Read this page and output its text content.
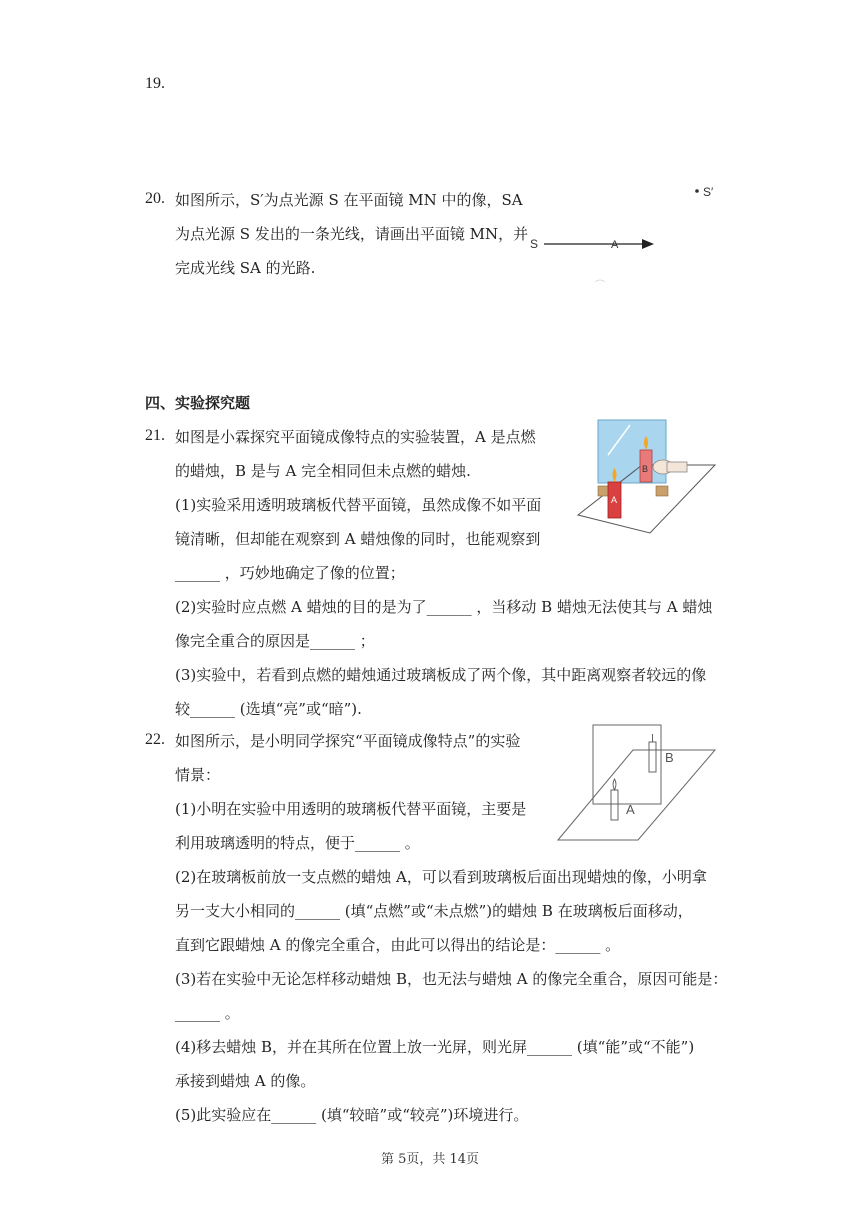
19.
20. 如图所示，S′为点光源 S 在平面镜 MN 中的像，SA
为点光源 S 发出的一条光线，请画出平面镜 MN，并
完成光线 SA 的光路.
S′
S	A
四、实验探究题
21. 如图是小霖探究平面镜成像特点的实验装置，A 是点燃
的蜡烛，B 是与 A 完全相同但未点燃的蜡烛.
(1)实验采用透明玻璃板代替平面镜，虽然成像不如平面
镜清晰，但却能在观察到 A 蜡烛像的同时，也能观察到
______ ，巧妙地确定了像的位置；
(2)实验时应点燃 A 蜡烛的目的是为了______ ，当移动 B 蜡烛无法使其与 A 蜡烛
像完全重合的原因是______ ；
(3)实验中，若看到点燃的蜡烛通过玻璃板成了两个像，其中距离观察者较远的像
较______ (选填“亮”或“暗”).
B
A
22. 如图所示，是小明同学探究“平面镜成像特点”的实验
情景：
(1)小明在实验中用透明的玻璃板代替平面镜，主要是
利用玻璃透明的特点，便于______ 。
(2)在玻璃板前放一支点燃的蜡烛 A，可以看到玻璃板后面出现蜡烛的像，小明拿
另一支大小相同的______ (填“点燃”或“未点燃”)的蜡烛 B 在玻璃板后面移动，
直到它跟蜡烛 A 的像完全重合，由此可以得出的结论是：______ 。
(3)若在实验中无论怎样移动蜡烛 B，也无法与蜡烛 A 的像完全重合，原因可能是：
______ 。
(4)移去蜡烛 B，并在其所在位置上放一光屏，则光屏______ (填“能”或“不能”)
承接到蜡烛 A 的像。
(5)此实验应在______ (填“较暗”或“较亮”)环境进行。
B
A
第 5页，共 14页
